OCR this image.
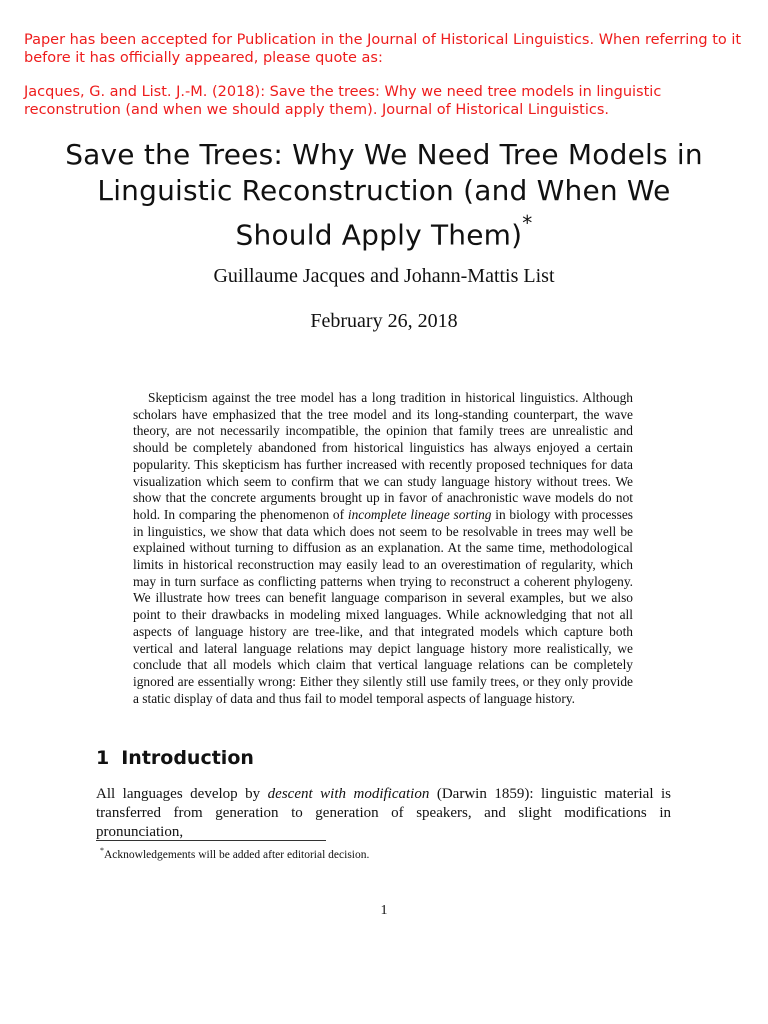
Paper has been accepted for Publication in the Journal of Historical Linguistics. When referring to it before it has officially appeared, please quote as:

Jacques, G. and List. J.-M. (2018): Save the trees: Why we need tree models in linguistic reconstrution (and when we should apply them). Journal of Historical Linguistics.

Save the Trees: Why We Need Tree Models in Linguistic Reconstruction (and When We Should Apply Them)*
Guillaume Jacques and Johann-Mattis List
February 26, 2018

Skepticism against the tree model has a long tradition in historical linguistics. Although scholars have emphasized that the tree model and its long-standing counterpart, the wave theory, are not necessarily incompatible, the opinion that family trees are unrealistic and should be completely abandoned from historical linguistics has always enjoyed a certain popularity. This skepticism has further increased with recently proposed techniques for data visualization which seem to confirm that we can study language history without trees. We show that the concrete arguments brought up in favor of anachronistic wave models do not hold. In comparing the phenomenon of incomplete lineage sorting in biology with processes in linguistics, we show that data which does not seem to be resolvable in trees may well be explained without turning to diffusion as an explanation. At the same time, methodological limits in historical reconstruction may easily lead to an overestimation of regularity, which may in turn surface as conflicting patterns when trying to reconstruct a coherent phylogeny. We illustrate how trees can benefit language comparison in several examples, but we also point to their drawbacks in modeling mixed languages. While acknowledging that not all aspects of language history are tree-like, and that integrated models which capture both vertical and lateral language relations may depict language history more realistically, we conclude that all models which claim that vertical language relations can be completely ignored are essentially wrong: Either they silently still use family trees, or they only provide a static display of data and thus fail to model temporal aspects of language history.

1 Introduction

All languages develop by descent with modification (Darwin 1859): linguistic material is transferred from generation to generation of speakers, and slight modifications in pronunciation,

*Acknowledgements will be added after editorial decision.

1
